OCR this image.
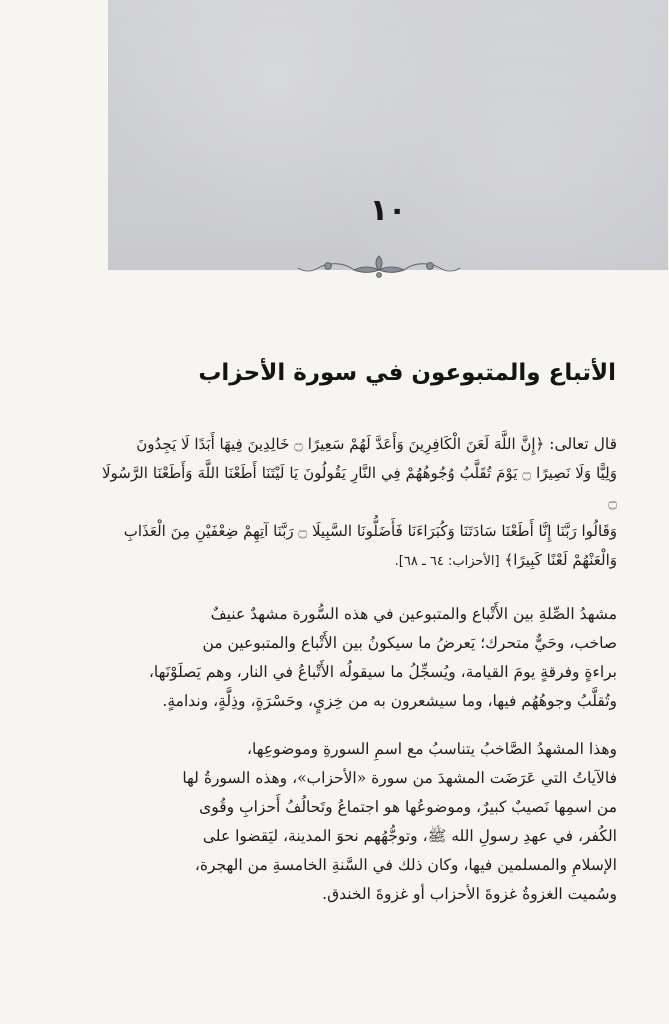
١٠
الأتباع والمتبوعون في سورة الأحزاب
قال تعالى: ﴿إِنَّ اللَّهَ لَعَنَ الْكَافِرِينَ وَأَعَدَّ لَهُمْ سَعِيرًا ۝ خَالِدِينَ فِيهَا أَبَدًا لَا يَجِدُونَ
وَلِيًّا وَلَا نَصِيرًا ۝ يَوْمَ تُقَلَّبُ وُجُوهُهُمْ فِي النَّارِ يَقُولُونَ يَا لَيْتَنَا أَطَعْنَا اللَّهَ وَأَطَعْنَا الرَّسُولَا ۝
وَقَالُوا رَبَّنَا إِنَّا أَطَعْنَا سَادَتَنَا وَكُبَرَاءَنَا فَأَضَلُّونَا السَّبِيلَا ۝ رَبَّنَا آتِهِمْ ضِعْفَيْنِ مِنَ الْعَذَابِ
وَالْعَنْهُمْ لَعْنًا كَبِيرًا﴾ [الأحزاب: ٦٤ ـ ٦٨].
مشهدُ الصِّلةِ بين الأَتْباع والمتبوعين في هذه السُّورة مشهدٌ عنيفٌ
صاخب، وحَيٌّ متحرك؛ يَعرضُ ما سيكونُ بين الأَتْباع والمتبوعين من
براءةٍ وفرقةٍ يومَ القيامة، ويُسجِّلُ ما سيقولُه الأَتْباعُ في النار، وهم يَصلَوْنَها،
وتُقلَّبُ وجوهُهُم فيها، وما سيشعرون به من خِزيٍ، وحَسْرَةٍ، وذِلَّةٍ، وندامةٍ.
وهذا المشهدُ الصَّاخبُ يتناسبُ مع اسمِ السورةِ وموضوعِها،
فالآياتُ التي عَرَضَت المشهدَ من سورة «الأحزاب»، وهذه السورةُ لها
من اسمِها نَصيبٌ كبيرٌ، وموضوعُها هو اجتماعُ وتَحالُفُ أَحزابِ وقُوى
الكُفر، في عهدِ رسولِ الله ﷺ، وتوجُّهُهم نحوَ المدينة، ليَقضوا على
الإسلامِ والمسلمين فيها، وكان ذلك في السَّنةِ الخامسةِ من الهجرة،
وسُميت الغزوةُ غزوةَ الأحزاب أو غزوةَ الخندق.
